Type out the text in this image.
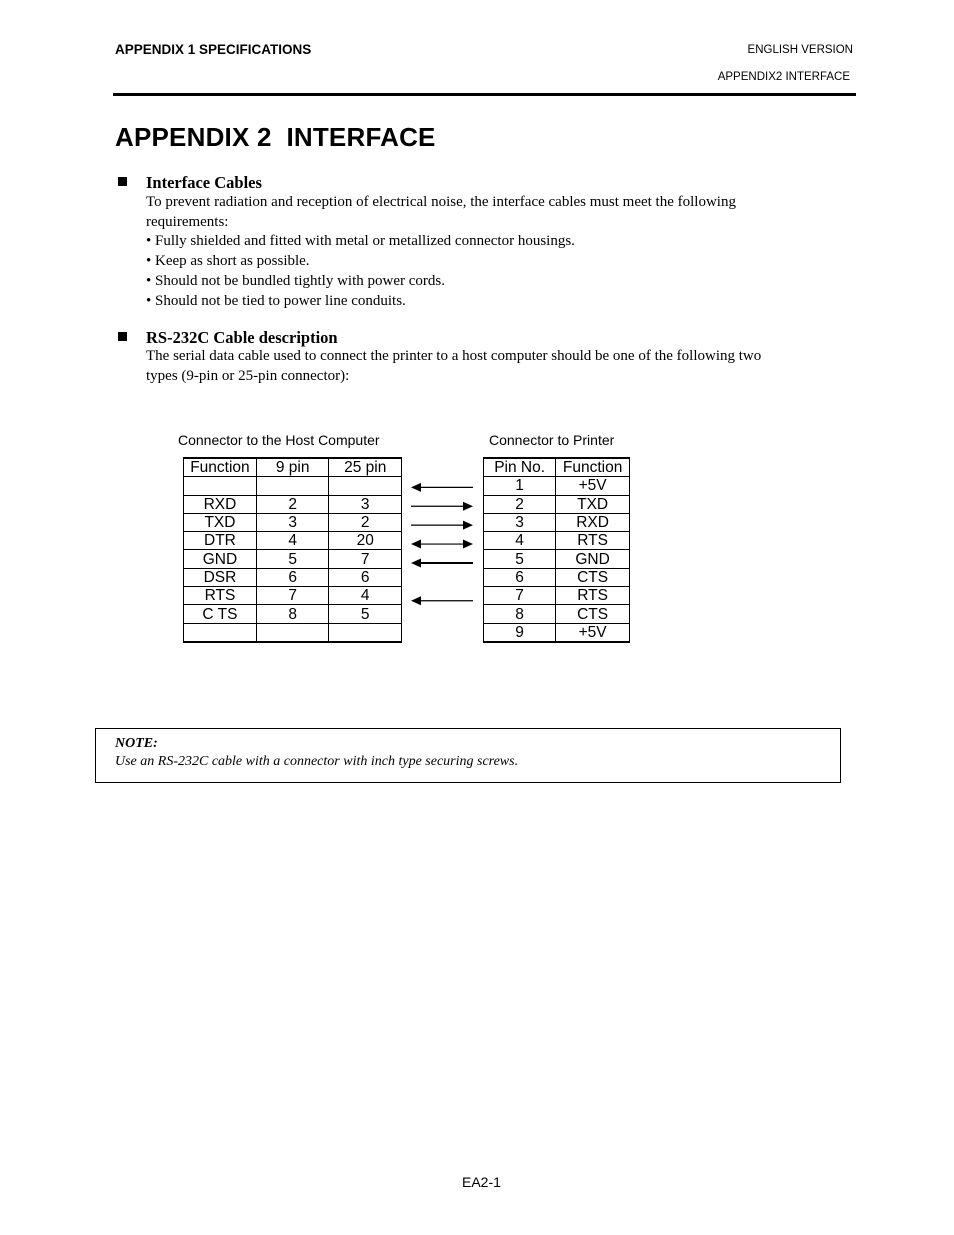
APPENDIX 1 SPECIFICATIONS	ENGLISH VERSION
APPENDIX2 INTERFACE
APPENDIX 2  INTERFACE
Interface Cables

To prevent radiation and reception of electrical noise, the interface cables must meet the following

requirements:

• Fully shielded and fitted with metal or metallized connector housings.

• Keep as short as possible.

• Should not be bundled tightly with power cords.

• Should not be tied to power line conduits.

RS-232C Cable description

The serial data cable used to connect the printer to a host computer should be one of the following two

types (9-pin or 25-pin connector):

Connector to the Host Computer	Connector to Printer
Function	9 pin	25 pin

RXD	2	3
TXD	3	2
DTR	4	20
GND	5	7
DSR	6	6
RTS	7	4
C TS	8	5

Pin No.	Function
1	+5V
2	TXD
3	RXD
4	RTS
5	GND
6	CTS
7	RTS
8	CTS
9	+5V
NOTE:
Use an RS-232C cable with a connector with inch type securing screws.
EA2-1
